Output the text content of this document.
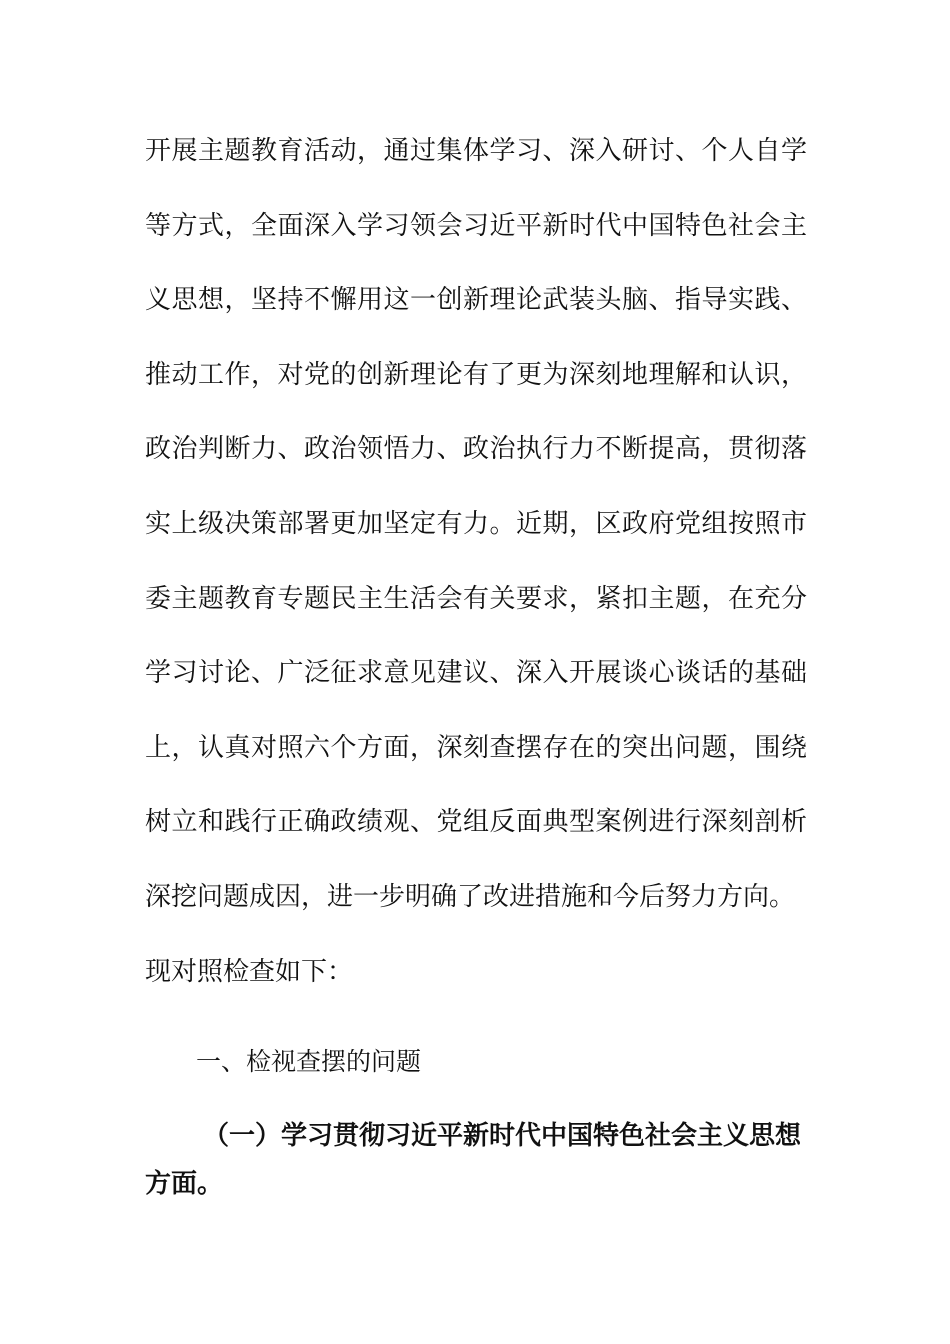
开展主题教育活动，通过集体学习、深入研讨、个人自学
等方式，全面深入学习领会习近平新时代中国特色社会主
义思想，坚持不懈用这一创新理论武装头脑、指导实践、
推动工作，对党的创新理论有了更为深刻地理解和认识，
政治判断力、政治领悟力、政治执行力不断提高，贯彻落
实上级决策部署更加坚定有力。近期，区政府党组按照市
委主题教育专题民主生活会有关要求，紧扣主题，在充分
学习讨论、广泛征求意见建议、深入开展谈心谈话的基础
上，认真对照六个方面，深刻查摆存在的突出问题，围绕
树立和践行正确政绩观、党组反面典型案例进行深刻剖析
深挖问题成因，进一步明确了改进措施和今后努力方向。
现对照检查如下：
一、检视查摆的问题
（一）学习贯彻习近平新时代中国特色社会主义思想
方面。
